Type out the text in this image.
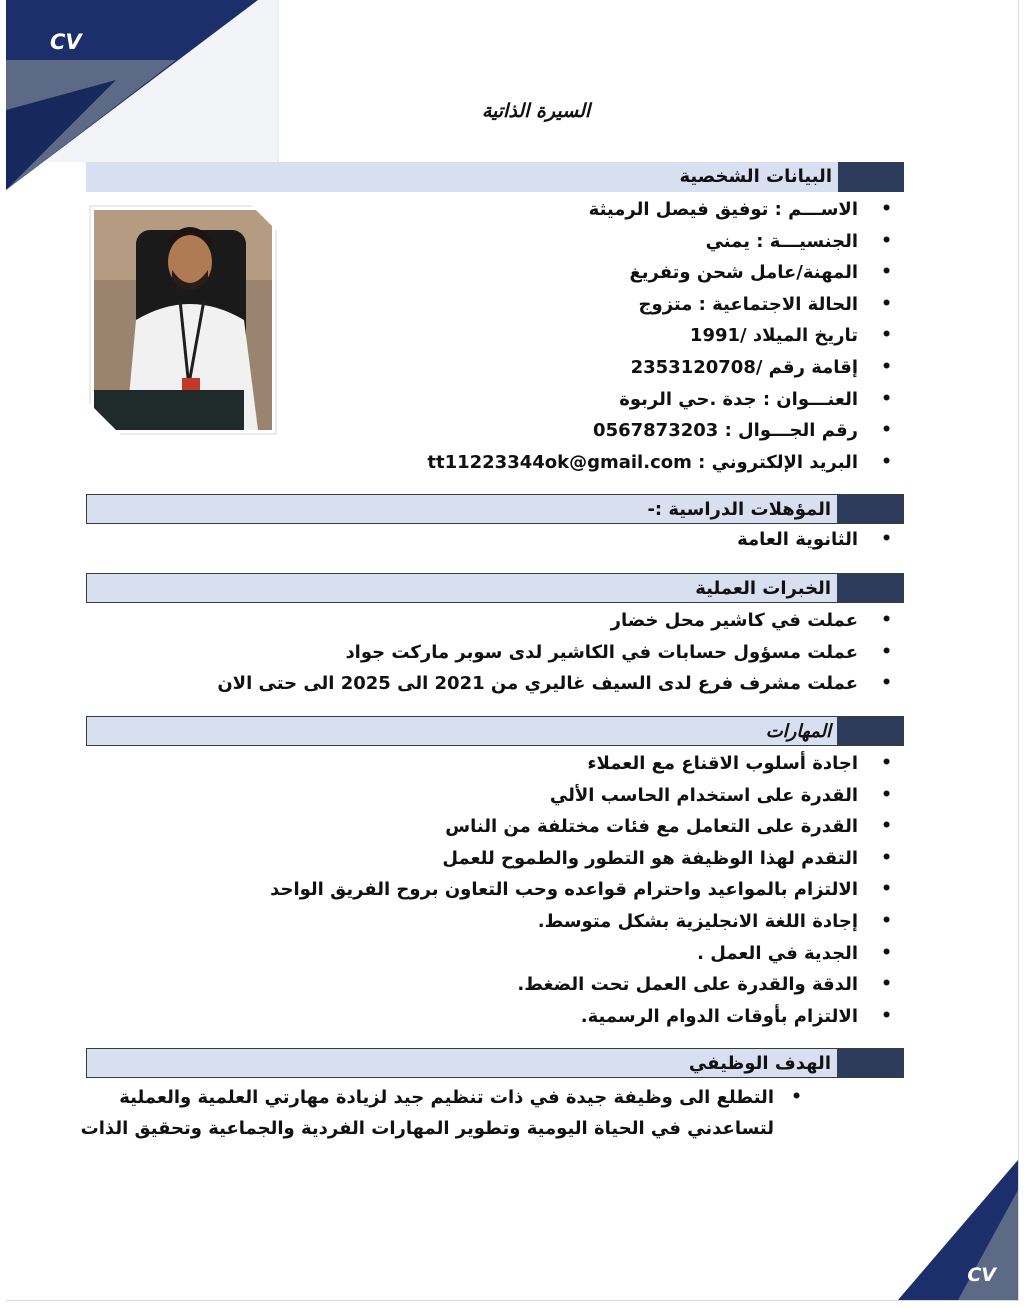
CV
CV
السيرة الذاتية
البيانات الشخصية
• الاســـم : توفيق فيصل الرميثة
• الجنسيـــة : يمني
• المهنة/عامل شحن وتفريغ
• الحالة الاجتماعية : متزوج
• تاريخ الميلاد /1991
• إقامة رقم /2353120708
• العنـــوان : جدة .حي الربوة
• رقم الجـــوال : 0567873203
• البريد الإلكتروني : tt11223344ok@gmail.com
المؤهلات الدراسية :-
• الثانوية العامة
الخبرات العملية
• عملت في كاشير محل خضار
• عملت مسؤول حسابات في الكاشير لدى سوبر ماركت جواد
• عملت مشرف فرع لدى السيف غاليري من 2021 الى 2025 الى حتى الان
المهارات
• اجادة أسلوب الاقناع مع العملاء
• القدرة على استخدام الحاسب الألي
• القدرة على التعامل مع فئات مختلفة من الناس
• التقدم لهذا الوظيفة هو التطور والطموح للعمل
• الالتزام بالمواعيد واحترام قواعده وحب التعاون بروح الفريق الواحد
• إجادة اللغة الانجليزية بشكل متوسط.
• الجدية في العمل .
• الدقة والقدرة على العمل تحت الضغط.
• الالتزام بأوقات الدوام الرسمية.
الهدف الوظيفي
• التطلع الى وظيفة جيدة في ذات تنظيم جيد لزيادة مهارتي العلمية والعملية
لتساعدني في الحياة اليومية وتطوير المهارات الفردية والجماعية وتحقيق الذات
